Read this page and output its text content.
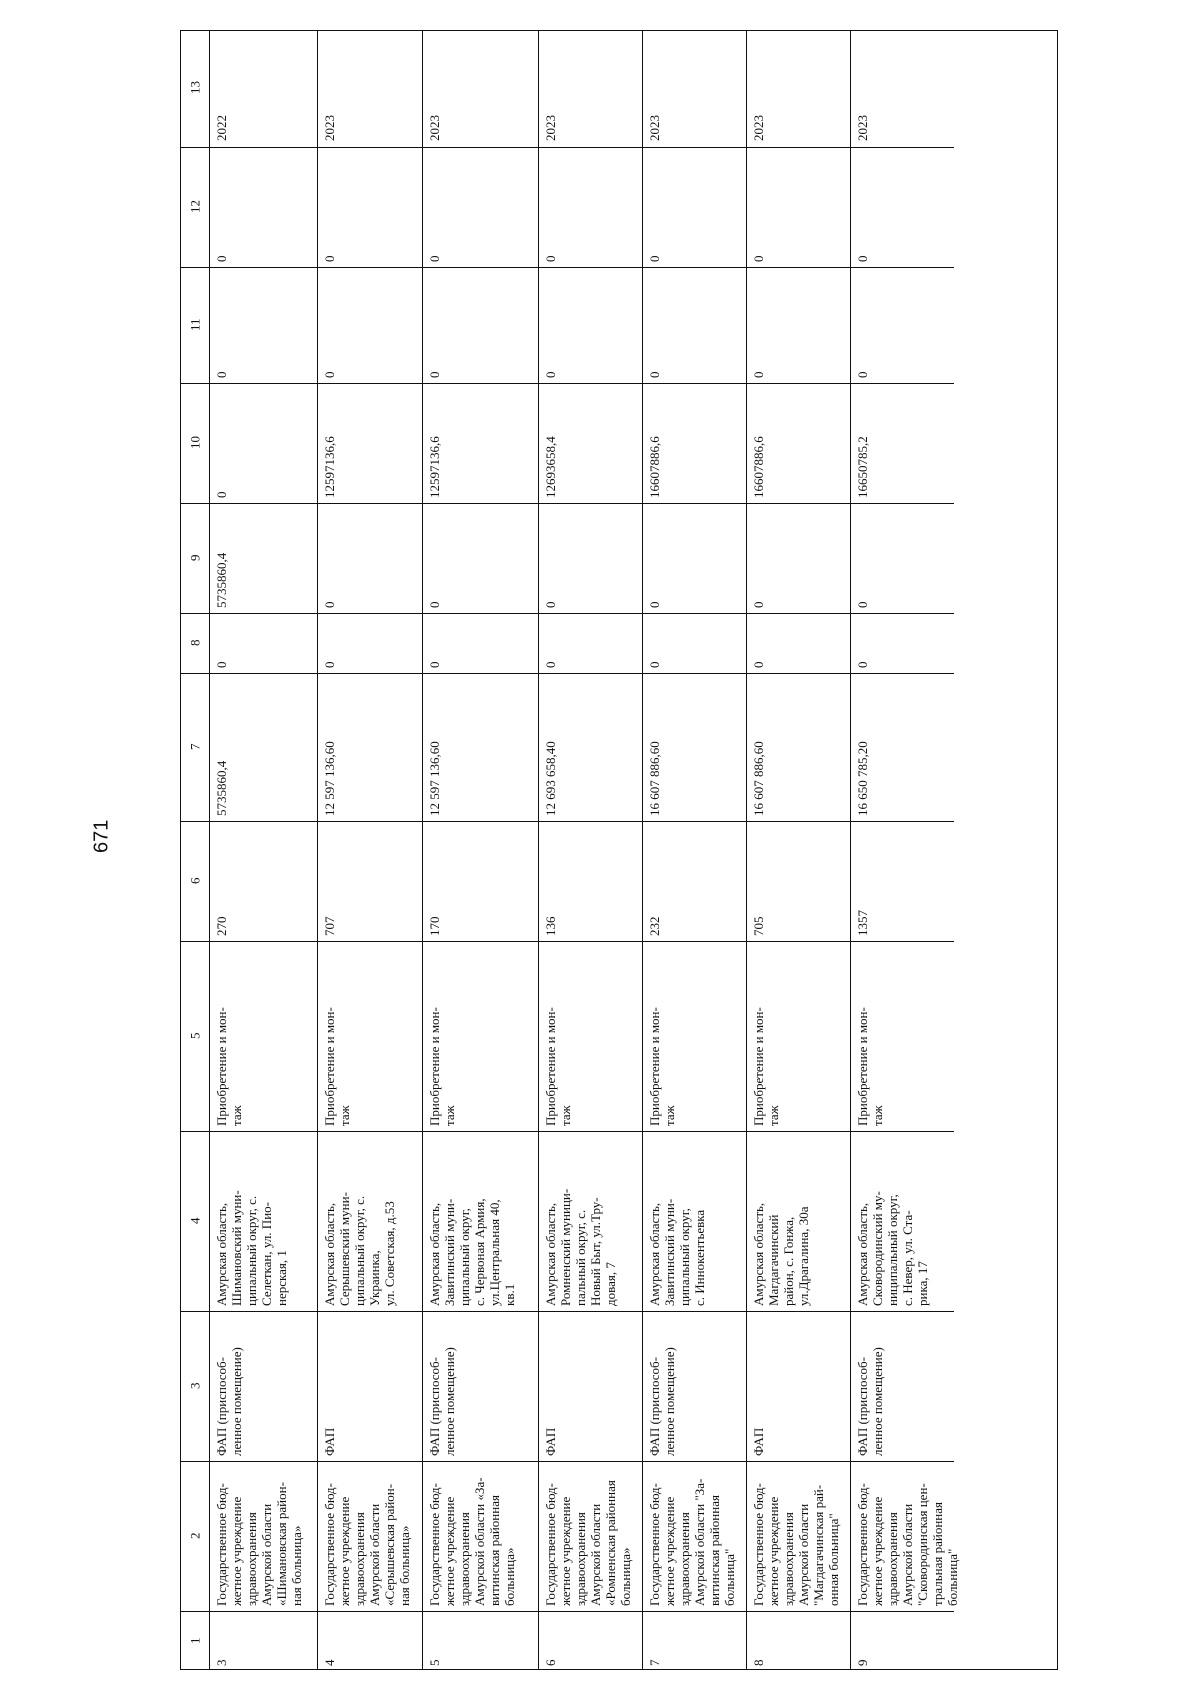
671
1
2
3
4
5
6
7
8
9
10
11
12
13
3
Государственное бюд-
жетное учреждение
здравоохранения
Амурской области
«Шимановская район-
ная больница»
ФАП (приспособ-
ленное помещение)
Амурская область,
Шимановский муни-
ципальный округ, с.
Селеткан, ул. Пио-
нерская, 1
Приобретение и мон-
таж
270
5735860,4
0
5735860,4
0
0
0
2022
4
Государственное бюд-
жетное учреждение
здравоохранения
Амурской области
«Серышевская район-
ная больница»
ФАП
Амурская область,
Серышевский муни-
ципальный округ, с.
Украинка,
ул. Советская, д.53
Приобретение и мон-
таж
707
12 597 136,60
0
0
12597136,6
0
0
2023
5
Государственное бюд-
жетное учреждение
здравоохранения
Амурской области «За-
витинская районная
больница»
ФАП (приспособ-
ленное помещение)
Амурская область,
Завитинский муни-
ципальный округ,
с. Червоная Армия,
ул.Центральная 40,
кв.1
Приобретение и мон-
таж
170
12 597 136,60
0
0
12597136,6
0
0
2023
6
Государственное бюд-
жетное учреждение
здравоохранения
Амурской области
«Ромненская районная
больница»
ФАП
Амурская область,
Ромненский муници-
пальный округ, с.
Новый Быт, ул.Тру-
довая, 7
Приобретение и мон-
таж
136
12 693 658,40
0
0
12693658,4
0
0
2023
7
Государственное бюд-
жетное учреждение
здравоохранения
Амурской области "За-
витинская районная
больница"
ФАП (приспособ-
ленное помещение)
Амурская область,
Завитинский муни-
ципальный округ,
с. Иннокентьевка
Приобретение и мон-
таж
232
16 607 886,60
0
0
16607886,6
0
0
2023
8
Государственное бюд-
жетное учреждение
здравоохранения
Амурской области
"Магдагачинская рай-
онная больница"
ФАП
Амурская область,
Магдагачинский
район, с. Гонжа,
ул.Драгалина, 30а
Приобретение и мон-
таж
705
16 607 886,60
0
0
16607886,6
0
0
2023
9
Государственное бюд-
жетное учреждение
здравоохранения
Амурской области
"Сковородинская цен-
тральная районная
больница"
ФАП (приспособ-
ленное помещение)
Амурская область,
Сковородинский му-
ниципальный округ,
с. Невер, ул. Ста-
рика, 17
Приобретение и мон-
таж
1357
16 650 785,20
0
0
16650785,2
0
0
2023
